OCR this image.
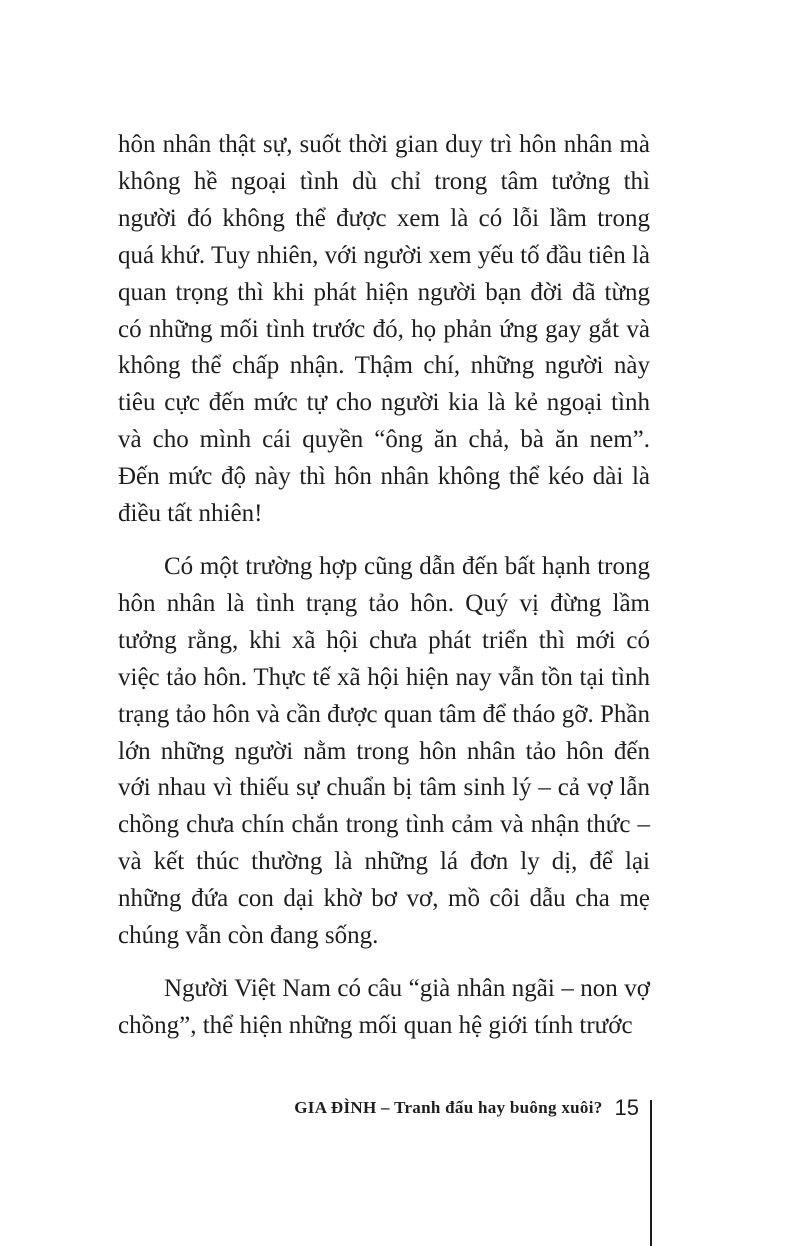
hôn nhân thật sự, suốt thời gian duy trì hôn nhân mà không hề ngoại tình dù chỉ trong tâm tưởng thì người đó không thể được xem là có lỗi lầm trong quá khứ. Tuy nhiên, với người xem yếu tố đầu tiên là quan trọng thì khi phát hiện người bạn đời đã từng có những mối tình trước đó, họ phản ứng gay gắt và không thể chấp nhận. Thậm chí, những người này tiêu cực đến mức tự cho người kia là kẻ ngoại tình và cho mình cái quyền “ông ăn chả, bà ăn nem”. Đến mức độ này thì hôn nhân không thể kéo dài là điều tất nhiên!

Có một trường hợp cũng dẫn đến bất hạnh trong hôn nhân là tình trạng tảo hôn. Quý vị đừng lầm tưởng rằng, khi xã hội chưa phát triển thì mới có việc tảo hôn. Thực tế xã hội hiện nay vẫn tồn tại tình trạng tảo hôn và cần được quan tâm để tháo gỡ. Phần lớn những người nằm trong hôn nhân tảo hôn đến với nhau vì thiếu sự chuẩn bị tâm sinh lý – cả vợ lẫn chồng chưa chín chắn trong tình cảm và nhận thức – và kết thúc thường là những lá đơn ly dị, để lại những đứa con dại khờ bơ vơ, mồ côi dẫu cha mẹ chúng vẫn còn đang sống.

Người Việt Nam có câu “già nhân ngãi – non vợ chồng”, thể hiện những mối quan hệ giới tính trước

GIA ĐÌNH – Tranh đấu hay buông xuôi? 15
